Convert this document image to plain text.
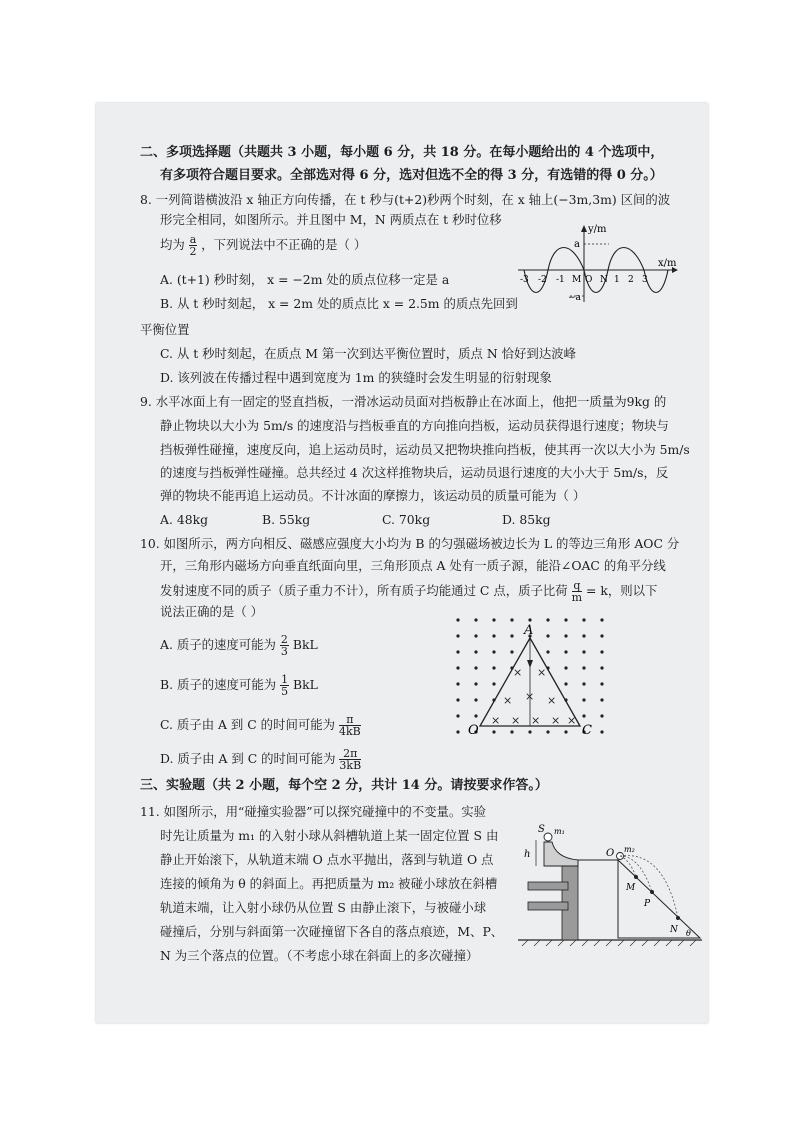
二、多项选择题（共题共 3 小题，每小题 6 分，共 18 分。在每小题给出的 4 个选项中，
有多项符合题目要求。全部选对得 6 分，选对但选不全的得 3 分，有选错的得 0 分。）
8. 一列简谐横波沿 x 轴正方向传播，在 t 秒与(t+2)秒两个时刻，在 x 轴上(−3m,3m) 区间的波
形完全相同，如图所示。并且图中 M，N 两质点在 t 秒时位移
均为 $\frac{a}{2}$ ，下列说法中不正确的是（ ）
A. (t+1) 秒时刻， x = −2m 处的质点位移一定是 a
B. 从 t 秒时刻起， x = 2m 处的质点比 x = 2.5m 的质点先回到
平衡位置
C. 从 t 秒时刻起，在质点 M 第一次到达平衡位置时，质点 N 恰好到达波峰
D. 该列波在传播过程中遇到宽度为 1m 的狭缝时会发生明显的衍射现象
y/m
x/m
a
−a
-3 -2 -1 M O N 1 2 3
9. 水平冰面上有一固定的竖直挡板，一滑冰运动员面对挡板静止在冰面上，他把一质量为9kg 的
静止物块以大小为 5m/s 的速度沿与挡板垂直的方向推向挡板，运动员获得退行速度；物块与
挡板弹性碰撞，速度反向，追上运动员时，运动员又把物块推向挡板，使其再一次以大小为 5m/s
的速度与挡板弹性碰撞。总共经过 4 次这样推物块后，运动员退行速度的大小大于 5m/s，反
弹的物块不能再追上运动员。不计冰面的摩擦力，该运动员的质量可能为（ ）
A. 48kg	B. 55kg	C. 70kg	D. 85kg
10. 如图所示，两方向相反、磁感应强度大小均为 B 的匀强磁场被边长为 L 的等边三角形 AOC 分
开，三角形内磁场方向垂直纸面向里，三角形顶点 A 处有一质子源，能沿∠OAC 的角平分线
发射速度不同的质子（质子重力不计），所有质子均能通过 C 点，质子比荷 $\frac{q}{m} = k$，则以下
说法正确的是（ ）
A. 质子的速度可能为 $\frac{2}{3}$ BkL
B. 质子的速度可能为 $\frac{1}{5}$ BkL
C. 质子由 A 到 C 的时间可能为 $\frac{\pi}{4kB}$
D. 质子由 A 到 C 的时间可能为 $\frac{2\pi}{3kB}$
× ×
×
×	×
× × × × ×
A
O	C
三、实验题（共 2 小题，每个空 2 分，共计 14 分。请按要求作答。）
11. 如图所示，用“碰撞实验器”可以探究碰撞中的不变量。实验
时先让质量为 m₁ 的入射小球从斜槽轨道上某一固定位置 S 由
静止开始滚下，从轨道末端 O 点水平抛出，落到与轨道 O 点
连接的倾角为 θ 的斜面上。再把质量为 m₂ 被碰小球放在斜槽
轨道末端，让入射小球仍从位置 S 由静止滚下，与被碰小球
碰撞后，分别与斜面第一次碰撞留下各自的落点痕迹，M、P、
N 为三个落点的位置。（不考虑小球在斜面上的多次碰撞）
h
S m₁
O m₂
M
P
N θ
